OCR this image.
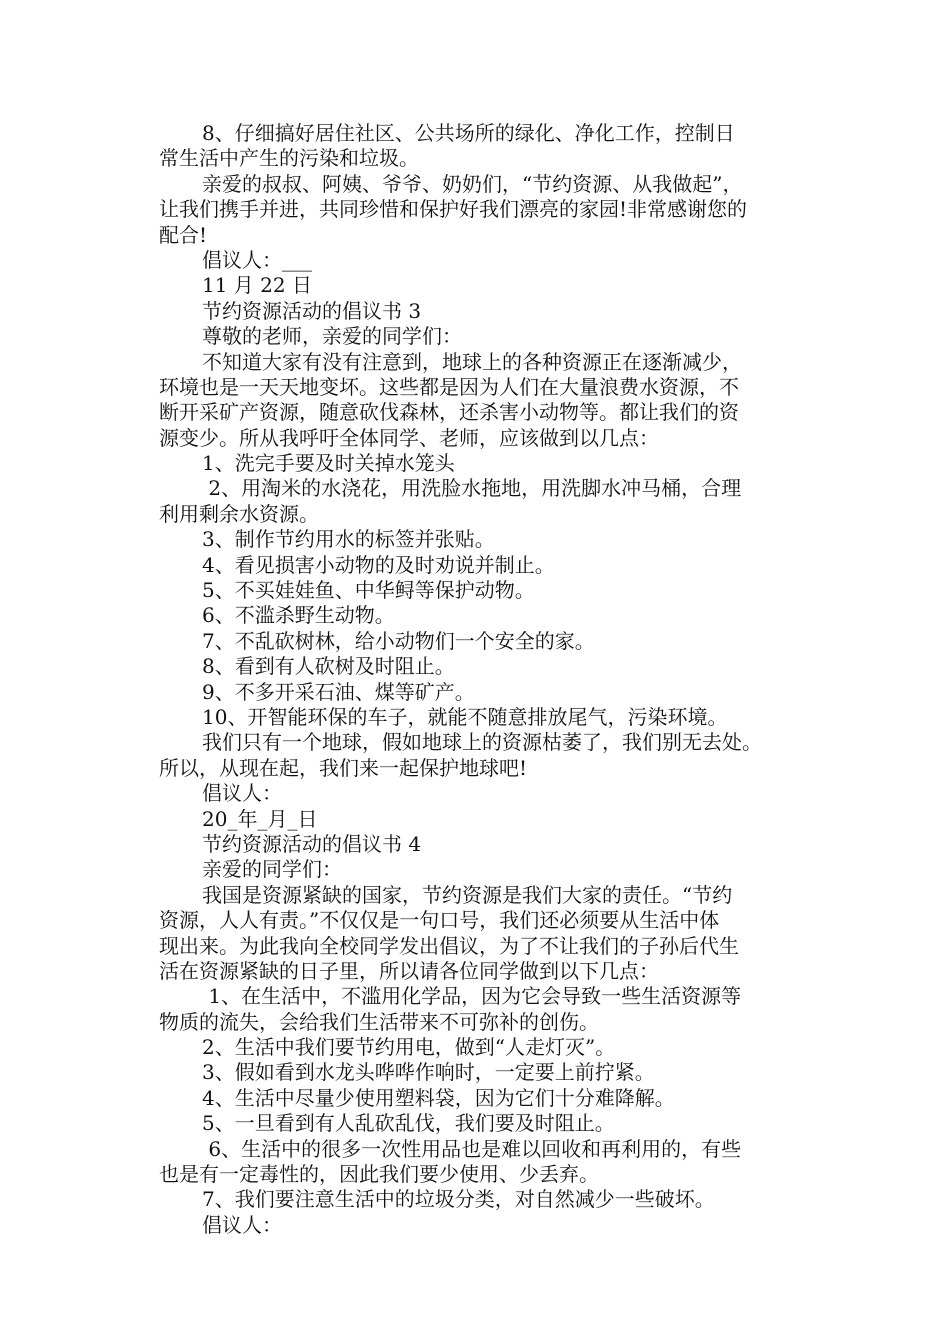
8、仔细搞好居住社区、公共场所的绿化、净化工作，控制日
常生活中产生的污染和垃圾。
亲爱的叔叔、阿姨、爷爷、奶奶们，“节约资源、从我做起”，
让我们携手并进，共同珍惜和保护好我们漂亮的家园!非常感谢您的
配合!
倡议人：___
11 月 22 日
节约资源活动的倡议书 3
尊敬的老师，亲爱的同学们：
不知道大家有没有注意到，地球上的各种资源正在逐渐减少，
环境也是一天天地变坏。这些都是因为人们在大量浪费水资源，不
断开采矿产资源，随意砍伐森林，还杀害小动物等。都让我们的资
源变少。所从我呼吁全体同学、老师，应该做到以几点：
1、洗完手要及时关掉水笼头
2、用淘米的水浇花，用洗脸水拖地，用洗脚水冲马桶，合理
利用剩余水资源。
3、制作节约用水的标签并张贴。
4、看见损害小动物的及时劝说并制止。
5、不买娃娃鱼、中华鲟等保护动物。
6、不滥杀野生动物。
7、不乱砍树林，给小动物们一个安全的家。
8、看到有人砍树及时阻止。
9、不多开采石油、煤等矿产。
10、开智能环保的车子，就能不随意排放尾气，污染环境。
我们只有一个地球，假如地球上的资源枯萎了，我们别无去处。
所以，从现在起，我们来一起保护地球吧!
倡议人：
20_年_月_日
节约资源活动的倡议书 4
亲爱的同学们：
我国是资源紧缺的国家，节约资源是我们大家的责任。“节约
资源，人人有责。”不仅仅是一句口号，我们还必须要从生活中体
现出来。为此我向全校同学发出倡议，为了不让我们的子孙后代生
活在资源紧缺的日子里，所以请各位同学做到以下几点：
1、在生活中，不滥用化学品，因为它会导致一些生活资源等
物质的流失，会给我们生活带来不可弥补的创伤。
2、生活中我们要节约用电，做到“人走灯灭”。
3、假如看到水龙头哗哗作响时，一定要上前拧紧。
4、生活中尽量少使用塑料袋，因为它们十分难降解。
5、一旦看到有人乱砍乱伐，我们要及时阻止。
6、生活中的很多一次性用品也是难以回收和再利用的，有些
也是有一定毒性的，因此我们要少使用、少丢弃。
7、我们要注意生活中的垃圾分类，对自然减少一些破坏。
倡议人：
